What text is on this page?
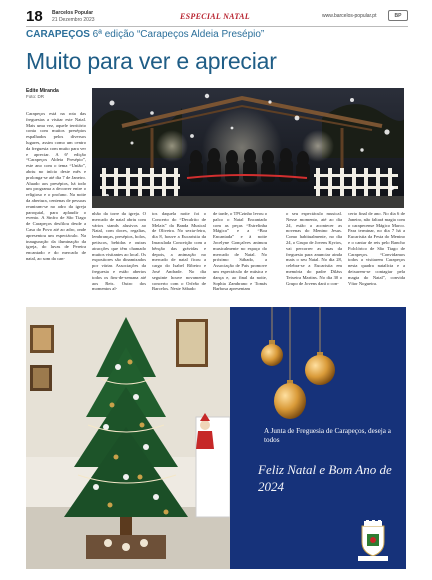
18 Barcelos Popular
21 Dezembro 2023	ESPECIAL NATAL	www.barcelos-popular.pt	BP
CARAPEÇOS 6ª edição “Carapeços Aldeia Presépio”
Muito para ver e apreciar
Edite Miranda
Foto: DR

Carapeços está na rota das freguesias a visitar este Natal. Mais uma vez, aquele território conta com muitos presépios espalhados pelos diversos lugares, assim como um centro da freguesia com muito para ver e apreciar. A 6ª edição “Carapeços Aldeia Presépio”, este ano com o tema “União”, abriu no início deste mês e prolonga-se até dia 7 de Janeiro. Aluado aos presépios, há todo um programa a decorrer entre o religioso e o profano. Na noite da abertura, centenas de pessoas reuniram-se no adro da igreja paroquial, para aplaudir o evento. A Sinfro de São Tiago de Carapeços desfilou desde a Casa do Povo até ao adro, onde apresentou um espectáculo. Na inauguração da iluminação da igreja, do luvas de Pereira encantado e do mercado de natal, ao som da can-

nhão da torre da igreja. O mercado de natal abriu com vários stands alusivos ao Natal, com doces, regalias, lembranças, presépios, bolos, petiscos, bebidas e outras atracções que têm chamado muitos visitantes ao local. Os expositores são dinamizados por várias Associações da freguesia e estão abertos todos os fins-de-semana até aos Reis. Outro dos momentos al-

tos daquela noite foi o Concerto do “Decalrito de Melais” da Banda Musical de Oliveira. No sexta-feira, dia 8, houve a Eucaristia da Imaculada Conceição com a bênção das grávidas e depois, a animação no mercado de natal ficou a cargo do Isabel Ribeiro e José Andrade. No dia seguinte houve novamente concerto com o Orfeão de Barcelos. Neste Sábado

de tarde, o TPCzinho levou o palco o Natal Encantado com as peças “Estrelinha Mágica” e a “Boa Encantada” e à noite Jocelyne Gonçalves animou musicalmente no espaço do mercado de Natal. No próximo Sábado, a Associação de Pais promove um espectáculo de música e dança e, ao final da noite, Sophia Zambrano e Tomás Barbosa apresentam

o seu espectáculo musical. Nesse momento, até ao dia 24, estão a acontecer as novenas do Menino Jesus. Como habitualmente, no dia 24, o Grupo de Jovens Kyrios, vai percorrer as ruas da freguesia para anunciar ainda mais o seu Natal. No dia 28, celebra-se a Eucaristia em memória do padre Diláss Teixeira Martins. No dia 30 o Grupo de Jovens dará o con-

certo final de ano. No dia 6 de Janeiro, não faltará magia com o carapecense Mágico Marco. Para terminar, no dia 7 há a Eucaristia da Festa do Menino e o cantar de reis pelo Rancho Folclórico de São Tiago de Carapeços. “Convidamos todos a visitarem Carapeços nesta quadra natalícia e a deixarem-se contagiar pela magia do Natal”, convida Vítor Nogueira.

A Junta de Freguesia de Carapeços, deseja a todos
Feliz Natal e Bom Ano de 2024
